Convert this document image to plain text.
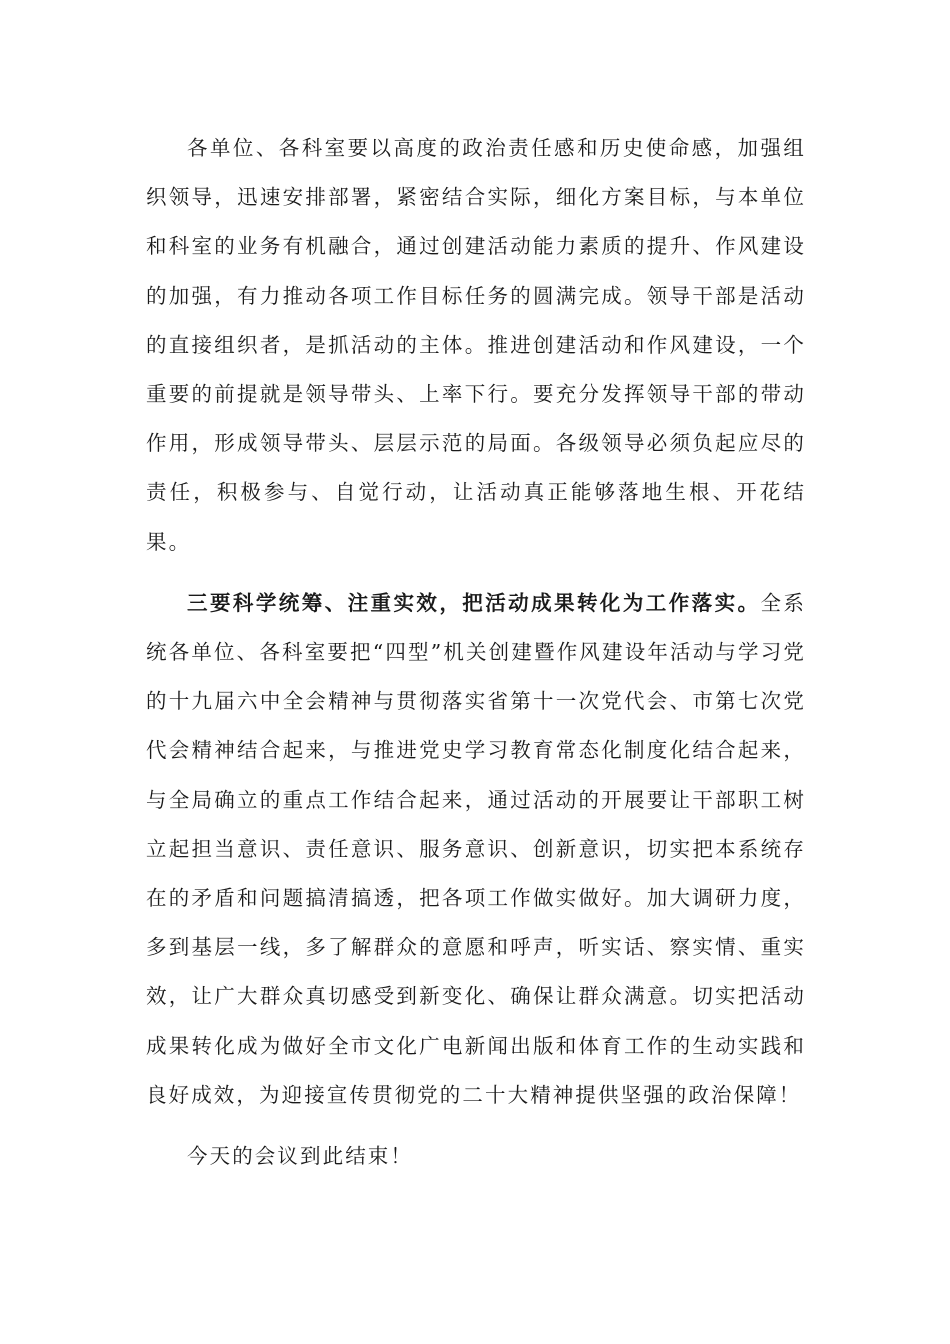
各单位、各科室要以高度的政治责任感和历史使命感，加强组织领导，迅速安排部署，紧密结合实际，细化方案目标，与本单位和科室的业务有机融合，通过创建活动能力素质的提升、作风建设的加强，有力推动各项工作目标任务的圆满完成。领导干部是活动的直接组织者，是抓活动的主体。推进创建活动和作风建设，一个重要的前提就是领导带头、上率下行。要充分发挥领导干部的带动作用，形成领导带头、层层示范的局面。各级领导必须负起应尽的责任，积极参与、自觉行动，让活动真正能够落地生根、开花结果。

三要科学统筹、注重实效，把活动成果转化为工作落实。全系统各单位、各科室要把“四型”机关创建暨作风建设年活动与学习党的十九届六中全会精神与贯彻落实省第十一次党代会、市第七次党代会精神结合起来，与推进党史学习教育常态化制度化结合起来，与全局确立的重点工作结合起来，通过活动的开展要让干部职工树立起担当意识、责任意识、服务意识、创新意识，切实把本系统存在的矛盾和问题搞清搞透，把各项工作做实做好。加大调研力度，多到基层一线，多了解群众的意愿和呼声，听实话、察实情、重实效，让广大群众真切感受到新变化、确保让群众满意。切实把活动成果转化成为做好全市文化广电新闻出版和体育工作的生动实践和良好成效，为迎接宣传贯彻党的二十大精神提供坚强的政治保障！

今天的会议到此结束！
